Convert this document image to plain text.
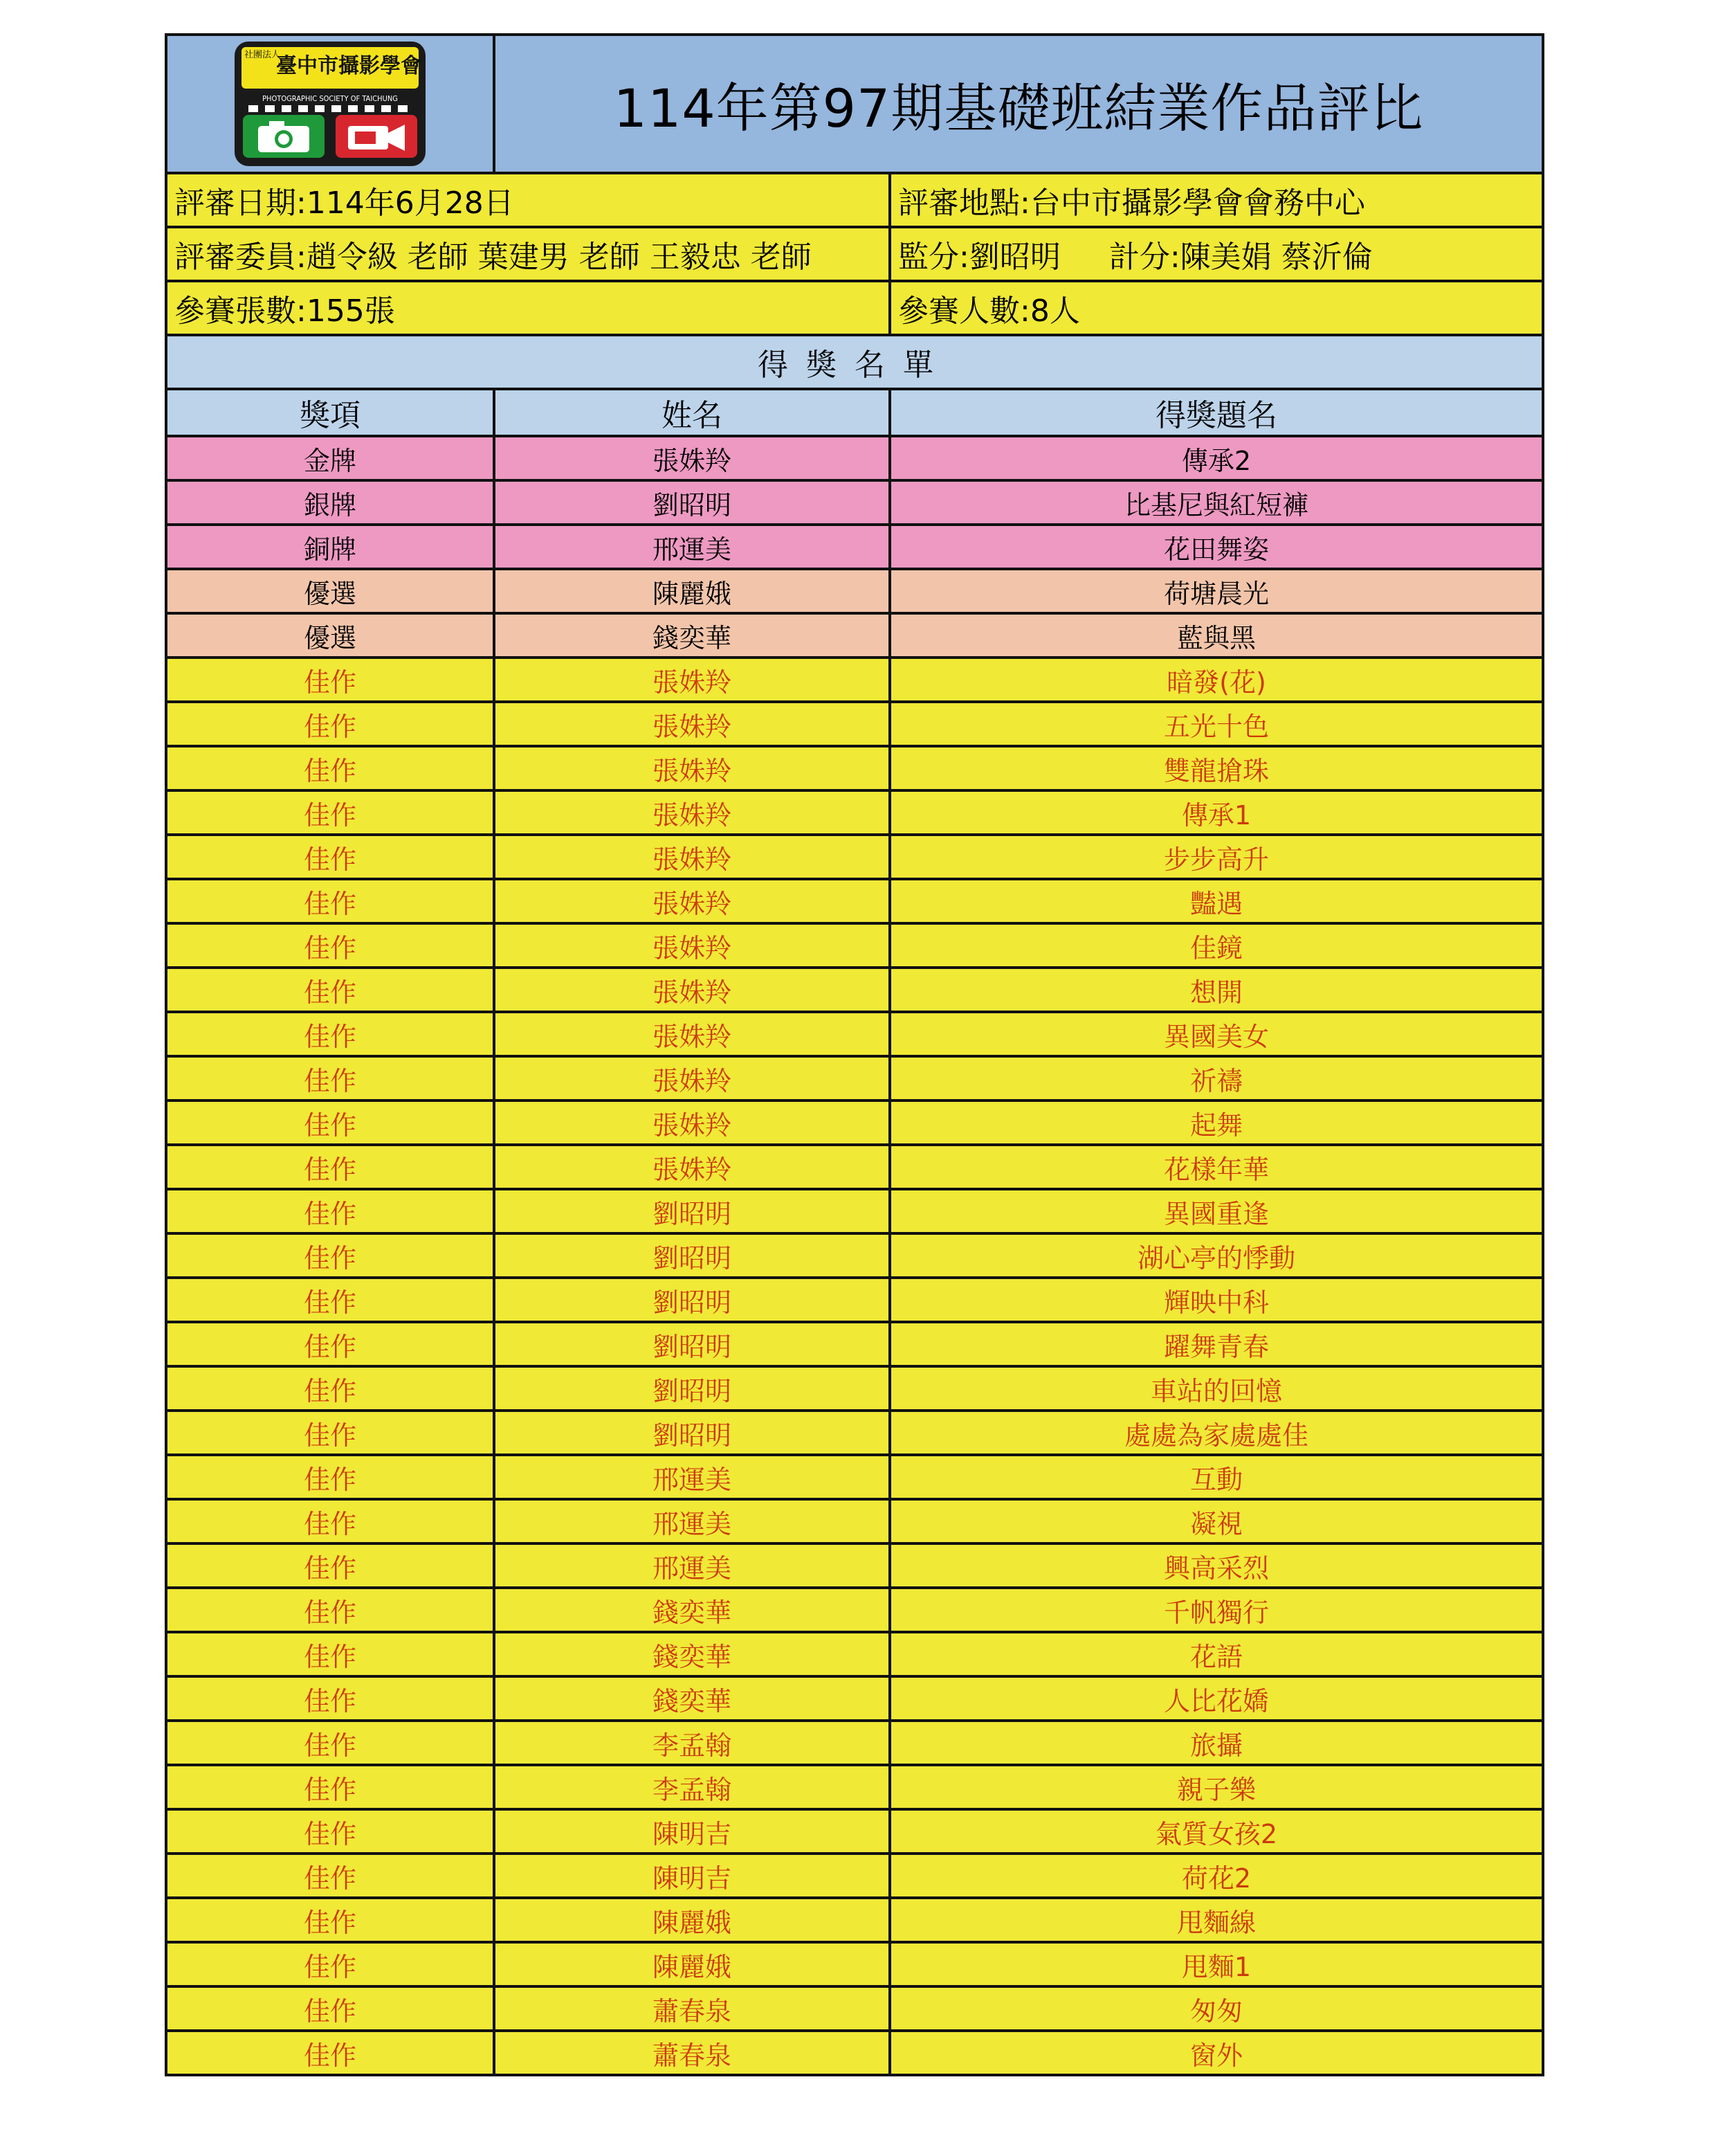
社團法人
臺中市攝影學會
PHOTOGRAPHIC SOCIETY OF TAICHUNG	114年第97期基礎班結業作品評比	
評審日期:114年6月28日		評審地點:台中市攝影學會會務中心
評審委員:趙令級 老師 葉建男 老師 王毅忠 老師		監分:劉昭明 計分:陳美娟 蔡沂倫
參賽張數:155張		參賽人數:8人
得獎名單		
獎項	姓名	得獎題名
金牌	張姝羚	傳承2
銀牌	劉昭明	比基尼與紅短褲
銅牌	邢運美	花田舞姿
優選	陳麗娥	荷塘晨光
優選	錢奕華	藍與黑
佳作	張姝羚	暗發(花)
佳作	張姝羚	五光十色
佳作	張姝羚	雙龍搶珠
佳作	張姝羚	傳承1
佳作	張姝羚	步步高升
佳作	張姝羚	豔遇
佳作	張姝羚	佳鏡
佳作	張姝羚	想開
佳作	張姝羚	異國美女
佳作	張姝羚	祈禱
佳作	張姝羚	起舞
佳作	張姝羚	花樣年華
佳作	劉昭明	異國重逢
佳作	劉昭明	湖心亭的悸動
佳作	劉昭明	輝映中科
佳作	劉昭明	躍舞青春
佳作	劉昭明	車站的回憶
佳作	劉昭明	處處為家處處佳
佳作	邢運美	互動
佳作	邢運美	凝視
佳作	邢運美	興高采烈
佳作	錢奕華	千帆獨行
佳作	錢奕華	花語
佳作	錢奕華	人比花嬌
佳作	李孟翰	旅攝
佳作	李孟翰	親子樂
佳作	陳明吉	氣質女孩2
佳作	陳明吉	荷花2
佳作	陳麗娥	甩麵線
佳作	陳麗娥	甩麵1
佳作	蕭春泉	匆匆
佳作	蕭春泉	窗外
